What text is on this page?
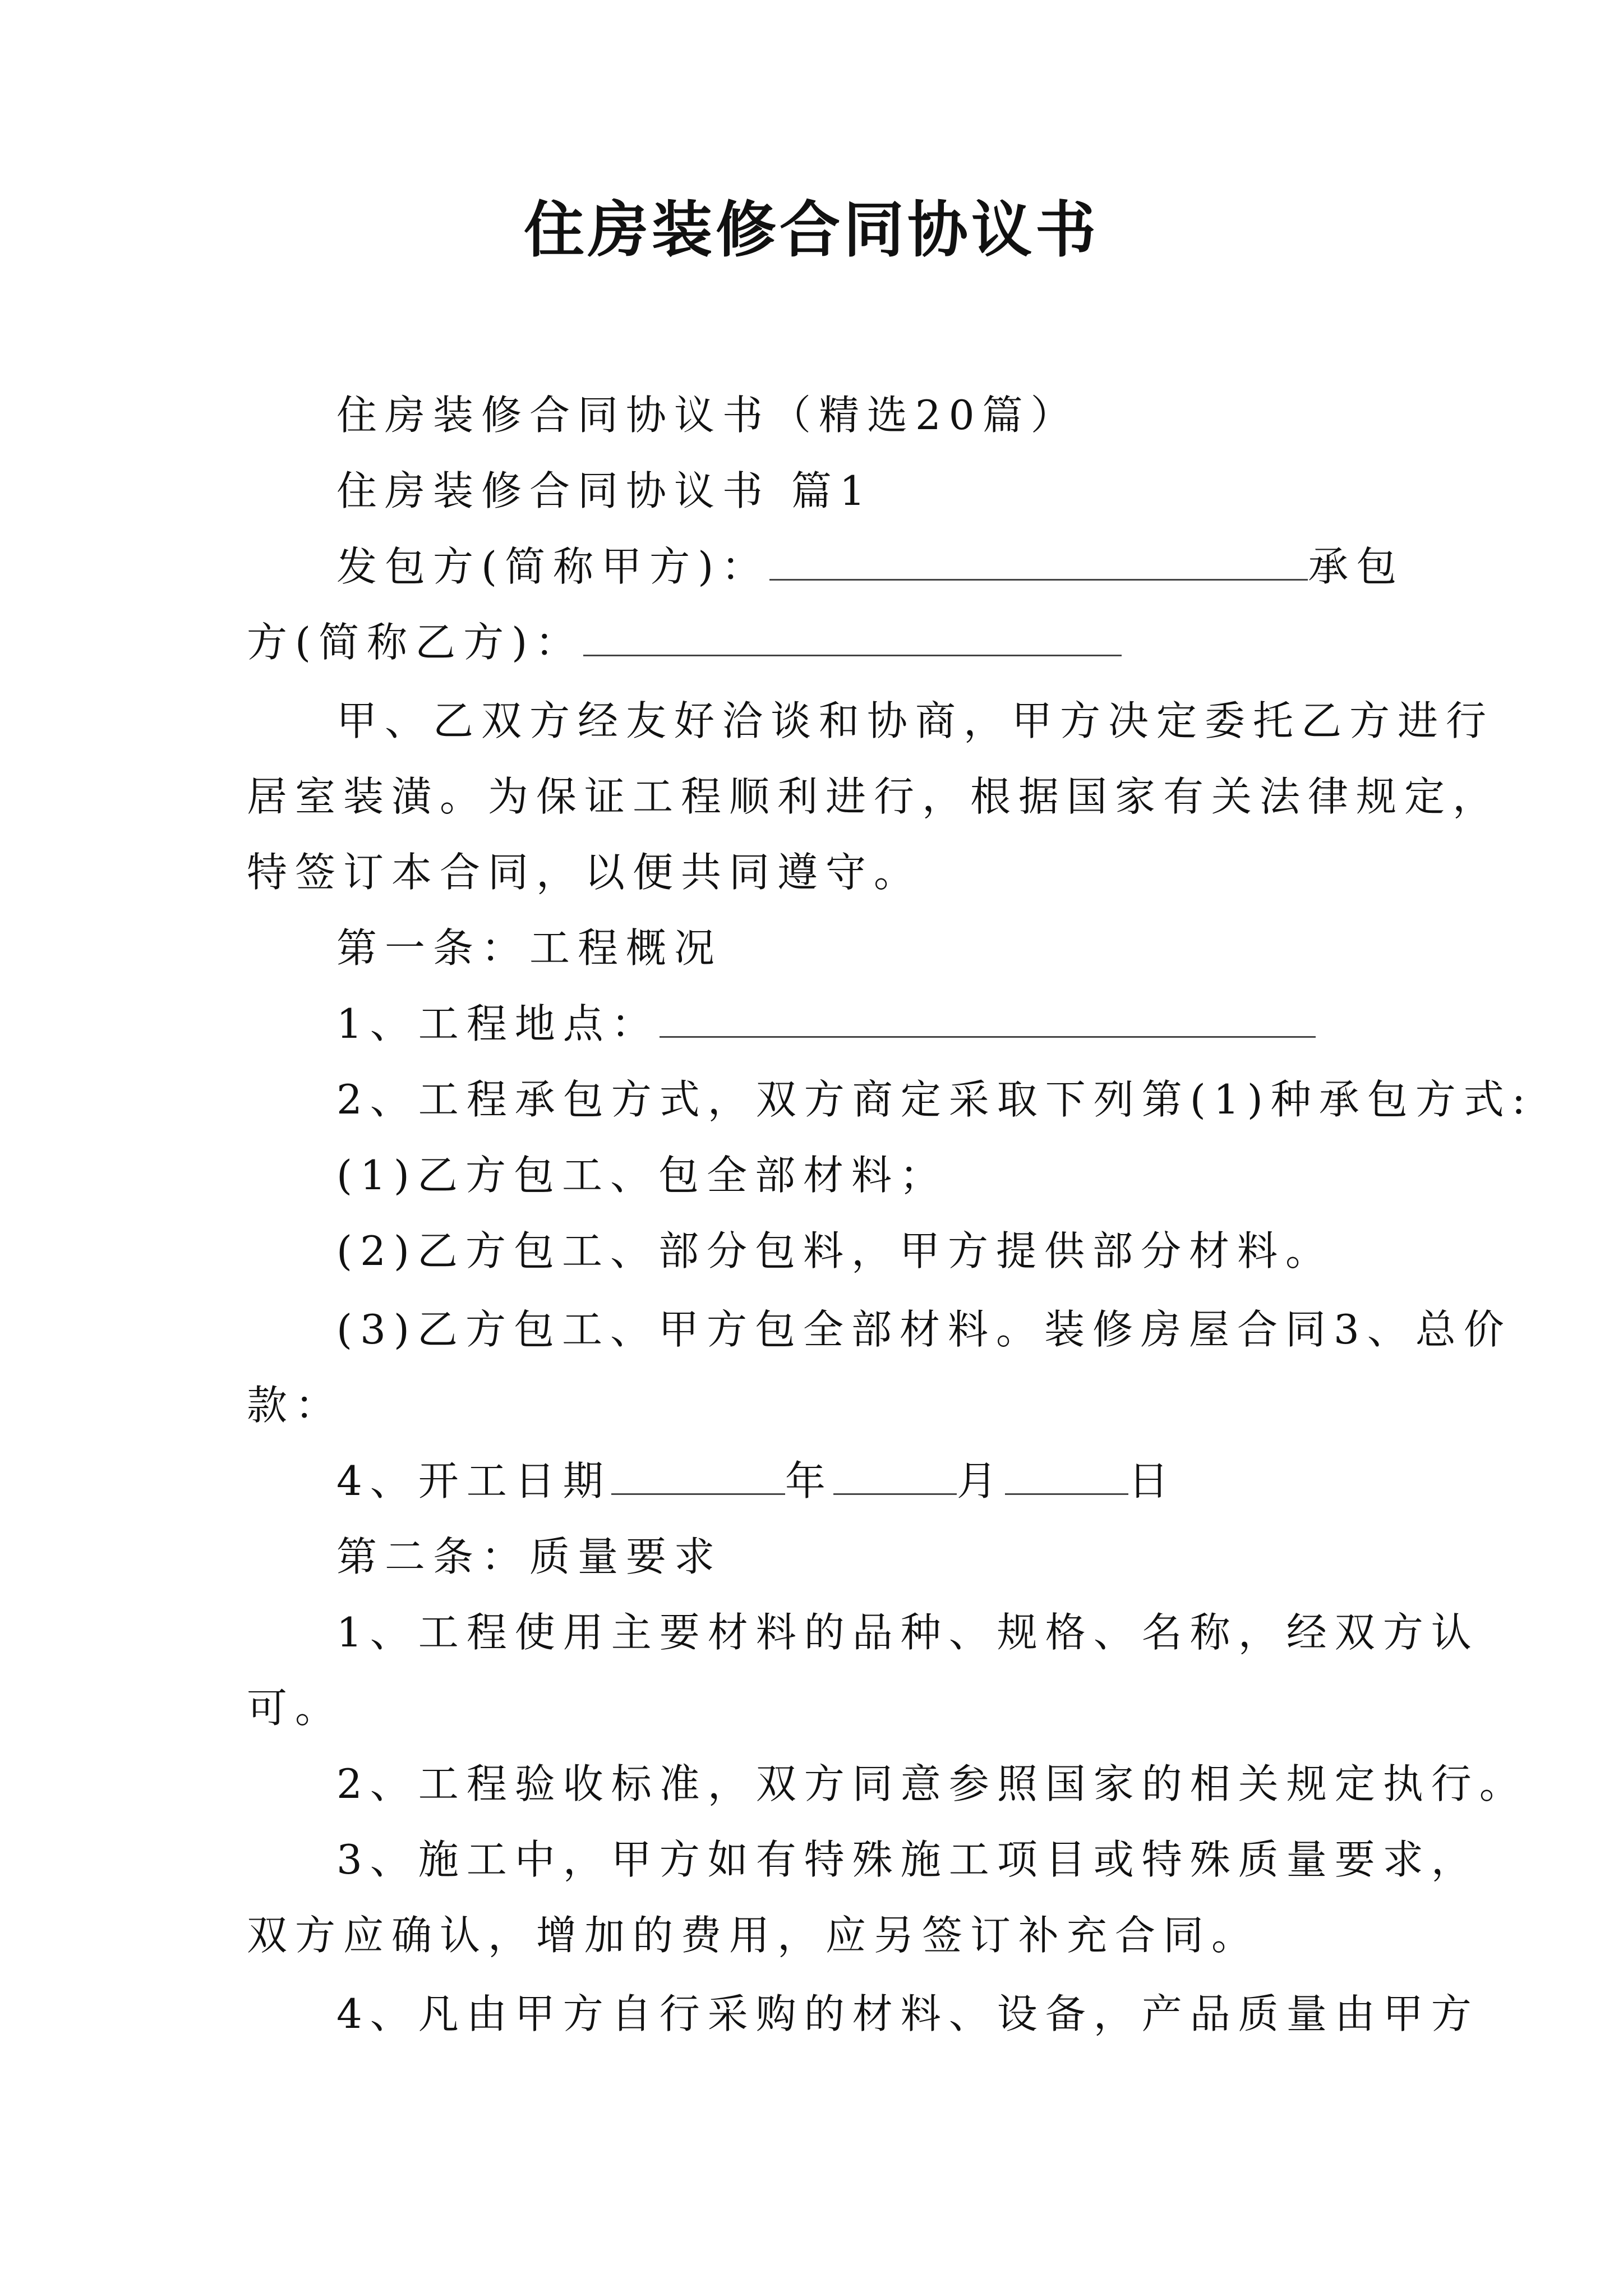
住房装修合同协议书
住房装修合同协议书（精选20篇）
住房装修合同协议书 篇1
发包方(简称甲方)：	承包
方(简称乙方)：
甲、乙双方经友好洽谈和协商，甲方决定委托乙方进行
居室装潢。为保证工程顺利进行，根据国家有关法律规定，
特签订本合同，以便共同遵守。
第一条：工程概况
1、工程地点：
2、工程承包方式，双方商定采取下列第(1)种承包方式:
(1)乙方包工、包全部材料；
(2)乙方包工、部分包料，甲方提供部分材料。
(3)乙方包工、甲方包全部材料。装修房屋合同3、总价
款：
4、开工日期	年	月	日
第二条：质量要求
1、工程使用主要材料的品种、规格、名称，经双方认
可。
2、工程验收标准，双方同意参照国家的相关规定执行。
3、施工中，甲方如有特殊施工项目或特殊质量要求，
双方应确认，增加的费用，应另签订补充合同。
4、凡由甲方自行采购的材料、设备，产品质量由甲方
